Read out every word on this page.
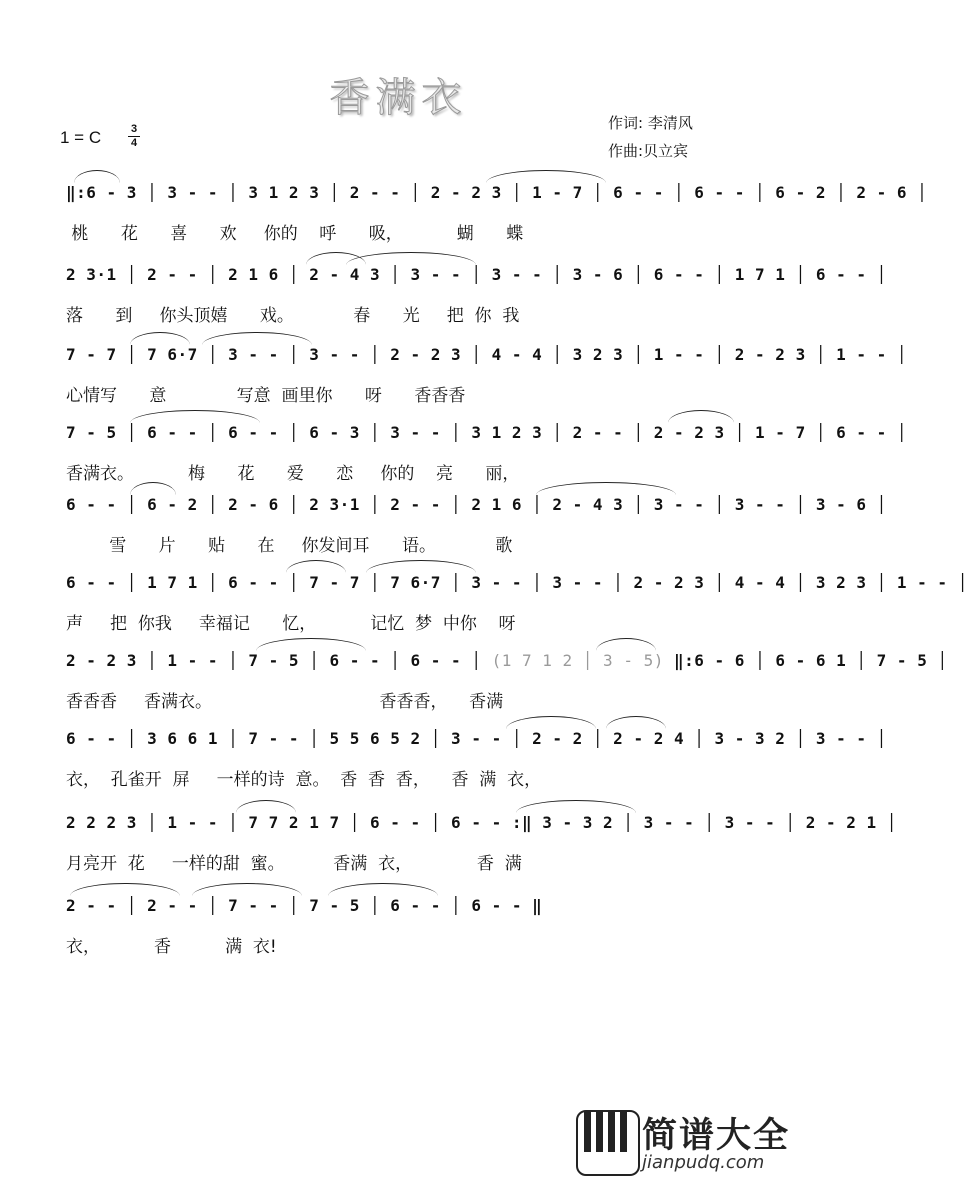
香满衣
1 = C	3
4
作词: 李清风
作曲:贝立宾
‖:6 - 3 │ 3 - - │ 3 1 2 3 │ 2 - - │ 2 - 2 3 │ 1 - 7 │ 6 - - │ 6 - - │ 6 - 2 │ 2 - 6 │
桃      花      喜      欢     你的    呼      吸，          蝴      蝶
2 3·1 │ 2 - - │ 2 1 6 │ 2 - 4 3 │ 3 - - │ 3 - - │ 3 - 6 │ 6 - - │ 1 7 1 │ 6 - - │
落      到     你头顶嬉      戏。           春      光     把  你  我
7 - 7 │ 7 6·7 │ 3 - - │ 3 - - │ 2 - 2 3 │ 4 - 4 │ 3 2 3 │ 1 - - │ 2 - 2 3 │ 1 - - │
心情写      意             写意  画里你      呀      香香香
7 - 5 │ 6 - - │ 6 - - │ 6 - 3 │ 3 - - │ 3 1 2 3 │ 2 - - │ 2 - 2 3 │ 1 - 7 │ 6 - - │
香满衣。          梅      花      爱      恋     你的    亮      丽，
6 - - │ 6 - 2 │ 2 - 6 │ 2 3·1 │ 2 - - │ 2 1 6 │ 2 - 4 3 │ 3 - - │ 3 - - │ 3 - 6 │
雪      片      贴      在     你发间耳      语。           歌
6 - - │ 1 7 1 │ 6 - - │ 7 - 7 │ 7 6·7 │ 3 - - │ 3 - - │ 2 - 2 3 │ 4 - 4 │ 3 2 3 │ 1 - - │
声     把  你我     幸福记      忆，          记忆  梦  中你    呀
2 - 2 3 │ 1 - - │ 7 - 5 │ 6 - - │ 6 - - │ (1 7 1 2 │ 3 - 5) ‖:6 - 6 │ 6 - 6 1 │ 7 - 5 │
香香香     香满衣。                               香香香，    香满
6 - - │ 3 6 6 1 │ 7 - - │ 5 5 6 5 2 │ 3 - - │ 2 - 2 │ 2 - 2 4 │ 3 - 3 2 │ 3 - - │
衣，  孔雀开  屏     一样的诗  意。  香  香  香，    香  满  衣，
2 2 2 3 │ 1 - - │ 7 7 2 1 7 │ 6 - - │ 6 - - :‖ 3 - 3 2 │ 3 - - │ 3 - - │ 2 - 2 1 │
月亮开  花     一样的甜  蜜。         香满  衣，            香  满
2 - - │ 2 - - │ 7 - - │ 7 - 5 │ 6 - - │ 6 - - ‖
衣，          香          满  衣!
简谱大全
jianpudq.com
